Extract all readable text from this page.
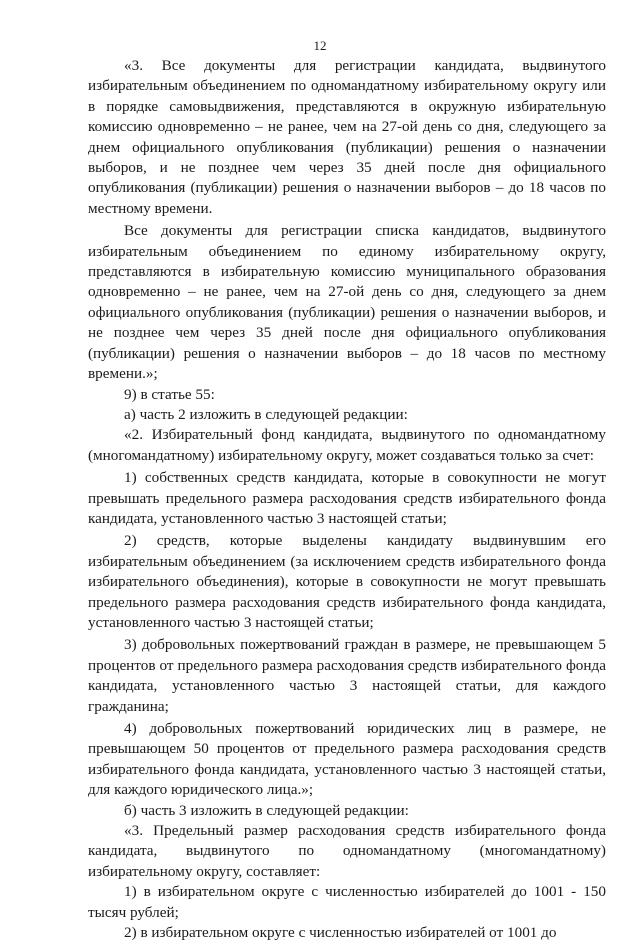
12

«3. Все документы для регистрации кандидата, выдвинутого избирательным объединением по одномандатному избирательному округу или в порядке самовыдвижения, представляются в окружную избирательную комиссию одновременно – не ранее, чем на 27-ой день со дня, следующего за днем официального опубликования (публикации) решения о назначении выборов, и не позднее чем через 35 дней после дня официального опубликования (публикации) решения о назначении выборов – до 18 часов по местному времени.

Все документы для регистрации списка кандидатов, выдвинутого избирательным объединением по единому избирательному округу, представляются в избирательную комиссию муниципального образования одновременно – не ранее, чем на 27-ой день со дня, следующего за днем официального опубликования (публикации) решения о назначении выборов, и не позднее чем через 35 дней после дня официального опубликования (публикации) решения о назначении выборов – до 18 часов по местному времени.»;

9) в статье 55:

а) часть 2 изложить в следующей редакции:

«2. Избирательный фонд кандидата, выдвинутого по одномандатному (многомандатному) избирательному округу, может создаваться только за счет:

1) собственных средств кандидата, которые в совокупности не могут превышать предельного размера расходования средств избирательного фонда кандидата, установленного частью 3 настоящей статьи;

2) средств, которые выделены кандидату выдвинувшим его избирательным объединением (за исключением средств избирательного фонда избирательного объединения), которые в совокупности не могут превышать предельного размера расходования средств избирательного фонда кандидата, установленного частью 3 настоящей статьи;

3) добровольных пожертвований граждан в размере, не превышающем 5 процентов от предельного размера расходования средств избирательного фонда кандидата, установленного частью 3 настоящей статьи, для каждого гражданина;

4) добровольных пожертвований юридических лиц в размере, не превышающем 50 процентов от предельного размера расходования средств избирательного фонда кандидата, установленного частью 3 настоящей статьи, для каждого юридического лица.»;

б) часть 3 изложить в следующей редакции:

«3. Предельный размер расходования средств избирательного фонда кандидата, выдвинутого по одномандатному (многомандатному) избирательному округу, составляет:

1) в избирательном округе с численностью избирателей до 1001 - 150 тысяч рублей;

2) в избирательном округе с численностью избирателей от 1001 до
